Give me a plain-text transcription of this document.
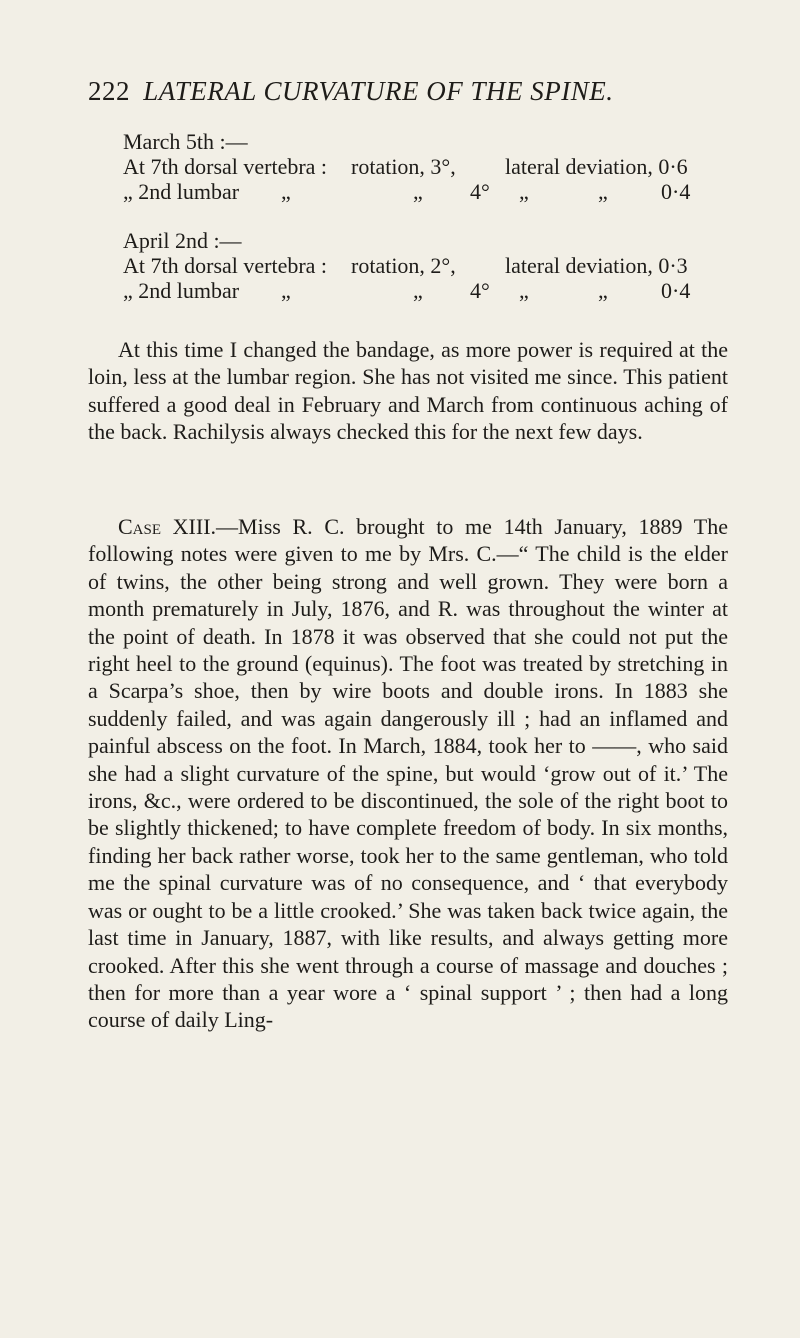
222 LATERAL CURVATURE OF THE SPINE.
March 5th :—
At 7th dorsal vertebra : rotation, 3°, lateral deviation, 0·6
„ 2nd lumbar „	„ 4° „	„ 0·4
April 2nd :—
At 7th dorsal vertebra : rotation, 2°, lateral deviation, 0·3
„ 2nd lumbar „	„ 4° „	„ 0·4

At this time I changed the bandage, as more power is required at the loin, less at the lumbar region. She has not visited me since. This patient suffered a good deal in February and March from continuous aching of the back. Rachilysis always checked this for the next few days.

Case XIII.—Miss R. C. brought to me 14th January, 1889 The following notes were given to me by Mrs. C.—“ The child is the elder of twins, the other being strong and well grown. They were born a month prematurely in July, 1876, and R. was throughout the winter at the point of death. In 1878 it was observed that she could not put the right heel to the ground (equinus). The foot was treated by stretching in a Scarpa’s shoe, then by wire boots and double irons. In 1883 she suddenly failed, and was again dangerously ill ; had an inflamed and painful abscess on the foot. In March, 1884, took her to ——, who said she had a slight curvature of the spine, but would ‘grow out of it.’ The irons, &c., were ordered to be discontinued, the sole of the right boot to be slightly thickened; to have complete freedom of body. In six months, finding her back rather worse, took her to the same gentleman, who told me the spinal curvature was of no consequence, and ‘ that everybody was or ought to be a little crooked.’ She was taken back twice again, the last time in January, 1887, with like results, and always getting more crooked. After this she went through a course of massage and douches ; then for more than a year wore a ‘ spinal support ’ ; then had a long course of daily Ling-
